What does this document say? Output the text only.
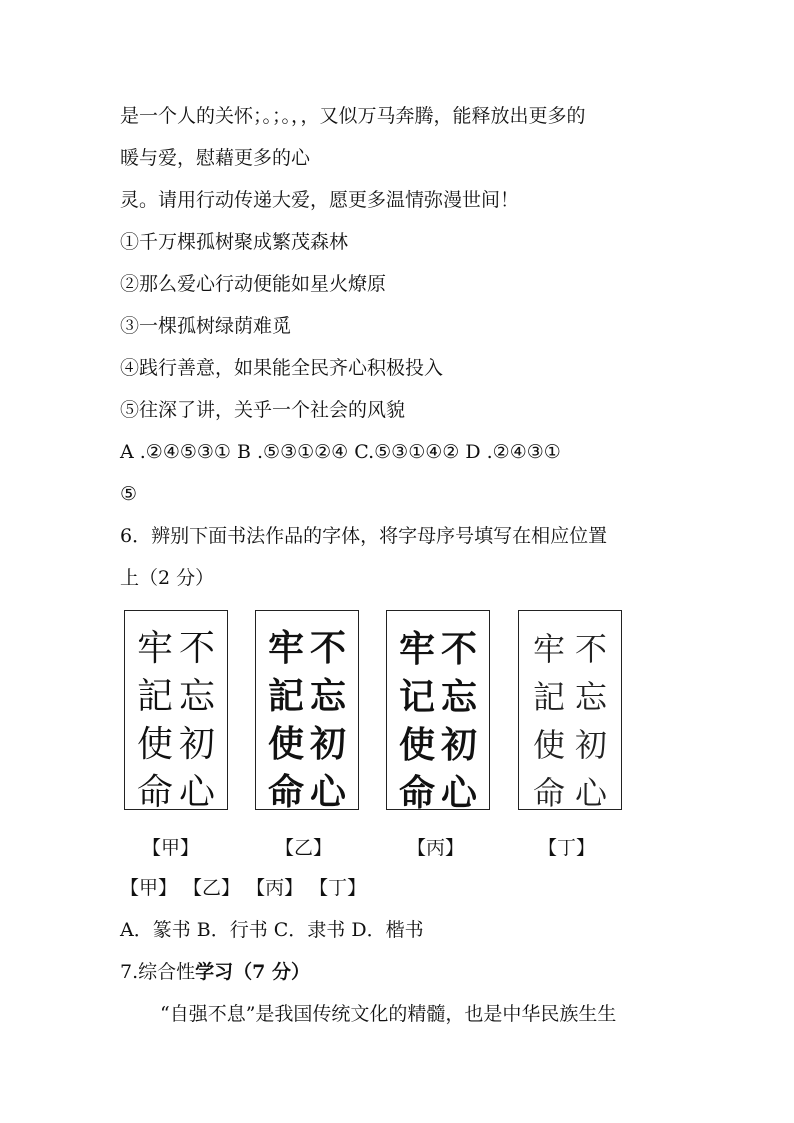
是一个人的关怀；。；。，，又似万马奔腾，能释放出更多的
暖与爱，慰藉更多的心
灵。请用行动传递大爱，愿更多温情弥漫世间！
①千万棵孤树聚成繁茂森林
②那么爱心行动便能如星火燎原
③一棵孤树绿荫难觅
④践行善意，如果能全民齐心积极投入
⑤往深了讲，关乎一个社会的风貌
A .②④⑤③① B .⑤③①②④ C.⑤③①④② D .②④③①
⑤
6．辨别下面书法作品的字体，将字母序号填写在相应位置
上（2 分）
不
忘
初
心
牢
記
使
命
不
忘
初
心
牢
記
使
命
不
忘
初
心
牢
记
使
命
不
忘
初
心
牢
記
使
命
【甲】	【乙】	【丙】	【丁】
【甲】 【乙】 【丙】 【丁】
A．篆书 B．行书 C．隶书 D．楷书
7.综合性学习（7 分）
“自强不息”是我国传统文化的精髓，也是中华民族生生
